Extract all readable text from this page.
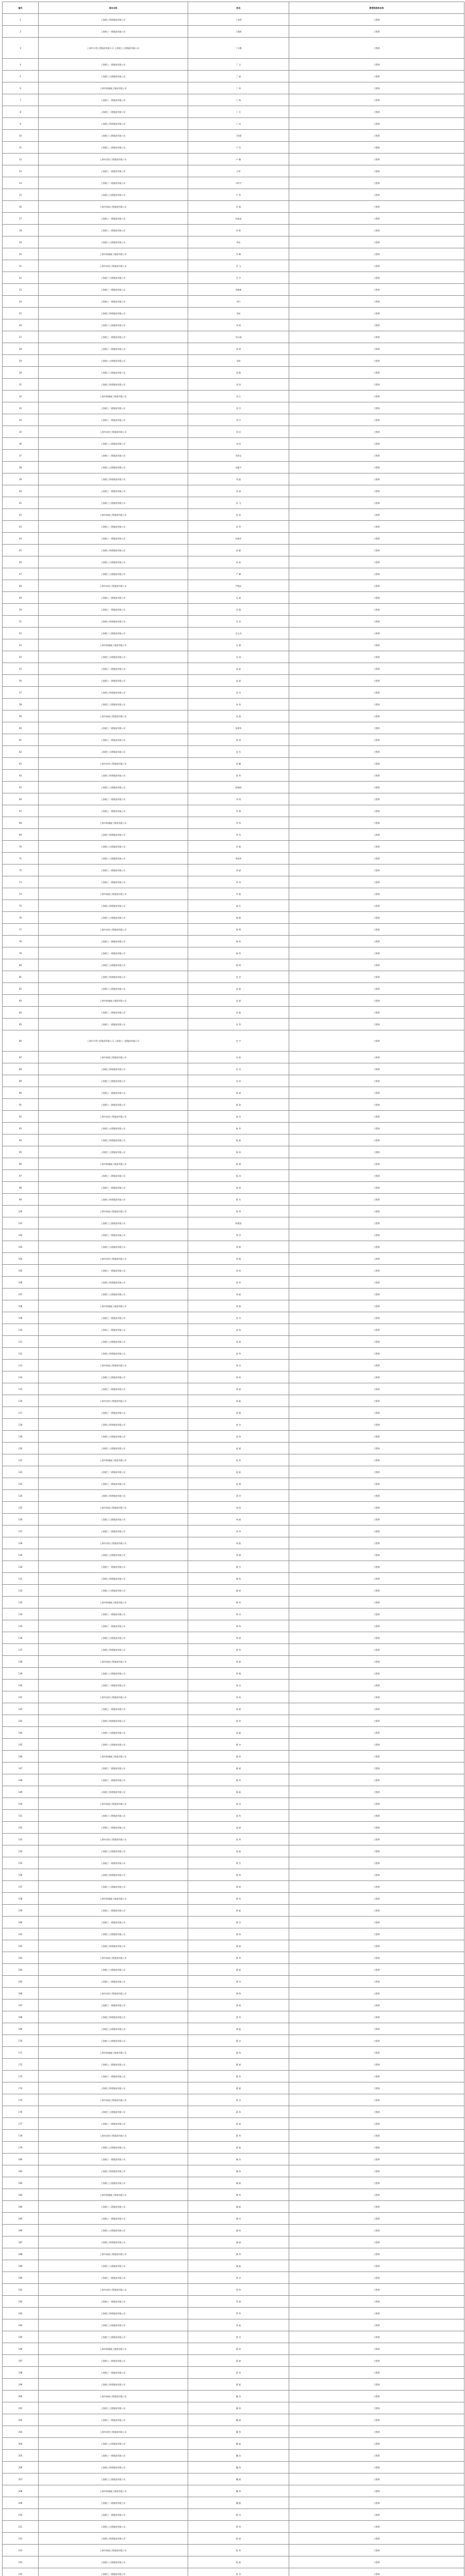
编号	单位名称	姓名	教授级职称名称
1	上海建工四建集团有限公司	丁亚明	工程师
2	上海建工一建集团有限公司	丁俊辉	工程师
3	上海市水利工程集团有限公司 上海建工七建集团有限公司	丁天德	工程师
4	上海建工一建集团有限公司	丁 文	工程师
5	上海建工五建集团有限公司	丁 斌	工程师
6	上海市机械施工集团有限公司	丁 伟	工程师
7	上海建工一建集团有限公司	丁 杨	工程师
8	上海建工二建集团有限公司	丁 艾	工程师
9	上海建工四建集团有限公司	丁 成	工程师
10	上海建工七建集团有限公司	丁秋菊	工程师
11	上海建工二建集团有限公司	卢 军	工程师
12	上海市安装工程集团有限公司	卢 楠	工程师
13	上海建工一建集团有限公司	卢伟	工程师
14	上海建工二建集团有限公司	卢昕宇	工程师
15	上海建工五建集团有限公司	卢 冬	工程师
16	上海市基础工程集团有限公司	任 超	工程师
17	上海建工一建集团有限公司	孙富高	工程师
18	上海建工二建集团有限公司	乔 辉	工程师
19	上海建工七建集团有限公司	齐东	工程师
20	上海市机械施工集团有限公司	乔 峰	工程师
21	上海市安装工程集团有限公司	乔 飞	工程师
22	上海建工七建集团有限公司	乔 宇	工程师
23	上海建工二建集团有限公司	刘建新	工程师
24	上海建工一建集团有限公司	刘兴	工程师
25	上海建工四建集团有限公司	刘泉	工程师
26	上海建工七建集团有限公司	刘 明	工程师
27	上海建工一建集团有限公司	刘小刚	工程师
28	上海建工二建集团有限公司	刘 勇	工程师
29	上海建工五建集团有限公司	刘涛	工程师
30	上海建工七建集团有限公司	刘 枫	工程师
31	上海建工四建集团有限公司	刘 伟	工程师
32	上海市机械施工集团有限公司	刘 兵	工程师
33	上海建工二建集团有限公司	刘 杰	工程师
34	上海建工一建集团有限公司	刘 宇	工程师
35	上海市安装工程集团有限公司	刘 庆	工程师
36	上海建工七建集团有限公司	刘 珂	工程师
37	上海建工二建集团有限公司	刘金宝	工程师
38	上海建工五建集团有限公司	刘惠平	工程师
39	上海建工四建集团有限公司	刘 磊	工程师
40	上海建工一建集团有限公司	刘 斌	工程师
41	上海建工七建集团有限公司	孙 飞	工程师
42	上海市基础工程集团有限公司	孙 雷	工程师
43	上海建工二建集团有限公司	孙 华	工程师
44	上海建工一建集团有限公司	孙建军	工程师
45	上海建工四建集团有限公司	孙 健	工程师
46	上海建工五建集团有限公司	孙 波	工程师
47	上海建工七建集团有限公司	严 峰	工程师
48	上海市安装工程集团有限公司	严晓东	工程师
49	上海建工二建集团有限公司	吴 斌	工程师
50	上海建工一建集团有限公司	吴 俊	工程师
51	上海建工四建集团有限公司	吴 昊	工程师
52	上海建工七建集团有限公司	吴文杰	工程师
53	上海市机械施工集团有限公司	吴 强	工程师
54	上海建工五建集团有限公司	吴 涛	工程师
55	上海建工二建集团有限公司	张 磊	工程师
56	上海建工一建集团有限公司	张 斌	工程师
57	上海建工四建集团有限公司	张 杰	工程师
58	上海建工七建集团有限公司	张 伟	工程师
59	上海市基础工程集团有限公司	张 超	工程师
60	上海建工二建集团有限公司	张建华	工程师
61	上海建工一建集团有限公司	张 勇	工程师
62	上海建工五建集团有限公司	张 军	工程师
63	上海市安装工程集团有限公司	张 鹏	工程师
64	上海建工四建集团有限公司	张 华	工程师
65	上海建工七建集团有限公司	张晓明	工程师
66	上海建工二建集团有限公司	李 明	工程师
67	上海建工一建集团有限公司	李 强	工程师
68	上海市机械施工集团有限公司	李 伟	工程师
69	上海建工四建集团有限公司	李 杰	工程师
70	上海建工五建集团有限公司	李 俊	工程师
71	上海建工七建集团有限公司	李国华	工程师
72	上海建工二建集团有限公司	李 斌	工程师
73	上海建工一建集团有限公司	李 涛	工程师
74	上海市基础工程集团有限公司	李 磊	工程师
75	上海建工四建集团有限公司	杨 军	工程师
76	上海建工七建集团有限公司	杨 帆	工程师
77	上海市安装工程集团有限公司	杨 勇	工程师
78	上海建工二建集团有限公司	杨 伟	工程师
79	上海建工一建集团有限公司	杨 华	工程师
80	上海建工五建集团有限公司	杨 明	工程师
81	上海建工四建集团有限公司	沈 杰	工程师
82	上海建工七建集团有限公司	沈 俊	工程师
83	上海市机械施工集团有限公司	沈 斌	工程师
84	上海建工二建集团有限公司	沈 磊	工程师
85	上海建工一建集团有限公司	沈 华	工程师
86	上海市水利工程集团有限公司 上海建工二建集团有限公司	宋 宇	工程师
87	上海市基础工程集团有限公司	宋 波	工程师
88	上海建工四建集团有限公司	宋 杰	工程师
89	上海建工七建集团有限公司	宋 伟	工程师
90	上海建工一建集团有限公司	陈 斌	工程师
91	上海建工二建集团有限公司	陈 俊	工程师
92	上海市安装工程集团有限公司	陈 杰	工程师
93	上海建工五建集团有限公司	陈 华	工程师
94	上海建工四建集团有限公司	陈 磊	工程师
95	上海建工七建集团有限公司	陈 伟	工程师
96	上海市机械施工集团有限公司	陈 强	工程师
97	上海建工二建集团有限公司	陈 涛	工程师
98	上海建工一建集团有限公司	陈 明	工程师
99	上海建工四建集团有限公司	陈 军	工程师
100	上海市基础工程集团有限公司	陈 勇	工程师
101	上海建工七建集团有限公司	陈建国	工程师
102	上海建工二建集团有限公司	周 杰	工程师
103	上海建工五建集团有限公司	周 斌	工程师
104	上海市安装工程集团有限公司	周 俊	工程师
105	上海建工一建集团有限公司	周 伟	工程师
106	上海建工四建集团有限公司	周 华	工程师
107	上海建工七建集团有限公司	周 磊	工程师
108	上海市机械施工集团有限公司	周 强	工程师
109	上海建工二建集团有限公司	金 杰	工程师
110	上海建工一建集团有限公司	金 伟	工程师
111	上海建工五建集团有限公司	金 斌	工程师
112	上海建工四建集团有限公司	金 华	工程师
113	上海市基础工程集团有限公司	郑 杰	工程师
114	上海建工七建集团有限公司	郑 伟	工程师
115	上海建工二建集团有限公司	郑 斌	工程师
116	上海市安装工程集团有限公司	郑 磊	工程师
117	上海建工一建集团有限公司	郑 强	工程师
118	上海建工四建集团有限公司	赵 杰	工程师
119	上海建工五建集团有限公司	赵 伟	工程师
120	上海建工七建集团有限公司	赵 斌	工程师
121	上海市机械施工集团有限公司	赵 华	工程师
122	上海建工二建集团有限公司	赵 磊	工程师
123	上海建工一建集团有限公司	赵 强	工程师
124	上海建工四建集团有限公司	胡 杰	工程师
125	上海市基础工程集团有限公司	胡 伟	工程师
126	上海建工七建集团有限公司	胡 斌	工程师
127	上海建工二建集团有限公司	胡 华	工程师
128	上海市安装工程集团有限公司	胡 磊	工程师
129	上海建工五建集团有限公司	胡 强	工程师
130	上海建工一建集团有限公司	姚 杰	工程师
131	上海建工四建集团有限公司	姚 伟	工程师
132	上海建工七建集团有限公司	姚 斌	工程师
133	上海市机械施工集团有限公司	姚 华	工程师
134	上海建工二建集团有限公司	徐 杰	工程师
135	上海建工一建集团有限公司	徐 伟	工程师
136	上海建工五建集团有限公司	徐 斌	工程师
137	上海建工四建集团有限公司	徐 华	工程师
138	上海市基础工程集团有限公司	徐 磊	工程师
139	上海建工七建集团有限公司	徐 强	工程师
140	上海建工二建集团有限公司	钱 杰	工程师
141	上海市安装工程集团有限公司	钱 伟	工程师
142	上海建工一建集团有限公司	钱 斌	工程师
143	上海建工四建集团有限公司	钱 华	工程师
144	上海建工五建集团有限公司	钱 磊	工程师
145	上海建工七建集团有限公司	顾 杰	工程师
146	上海市机械施工集团有限公司	顾 伟	工程师
147	上海建工二建集团有限公司	顾 斌	工程师
148	上海建工一建集团有限公司	顾 华	工程师
149	上海建工四建集团有限公司	顾 磊	工程师
150	上海市基础工程集团有限公司	高 杰	工程师
151	上海建工七建集团有限公司	高 伟	工程师
152	上海建工二建集团有限公司	高 斌	工程师
153	上海市安装工程集团有限公司	高 华	工程师
154	上海建工五建集团有限公司	高 磊	工程师
155	上海建工一建集团有限公司	黄 杰	工程师
156	上海建工四建集团有限公司	黄 伟	工程师
157	上海建工七建集团有限公司	黄 斌	工程师
158	上海市机械施工集团有限公司	黄 华	工程师
159	上海建工二建集团有限公司	黄 磊	工程师
160	上海建工一建集团有限公司	曹 杰	工程师
161	上海建工五建集团有限公司	曹 伟	工程师
162	上海建工四建集团有限公司	曹 斌	工程师
163	上海市基础工程集团有限公司	曹 华	工程师
164	上海建工七建集团有限公司	曹 磊	工程师
165	上海建工二建集团有限公司	龚 杰	工程师
166	上海市安装工程集团有限公司	龚 伟	工程师
167	上海建工一建集团有限公司	龚 斌	工程师
168	上海建工四建集团有限公司	龚 华	工程师
169	上海建工五建集团有限公司	龚 磊	工程师
170	上海建工七建集团有限公司	董 杰	工程师
171	上海市机械施工集团有限公司	董 伟	工程师
172	上海建工二建集团有限公司	董 斌	工程师
173	上海建工一建集团有限公司	董 华	工程师
174	上海建工四建集团有限公司	董 磊	工程师
175	上海市基础工程集团有限公司	蒋 杰	工程师
176	上海建工七建集团有限公司	蒋 伟	工程师
177	上海建工二建集团有限公司	蒋 斌	工程师
178	上海市安装工程集团有限公司	蒋 华	工程师
179	上海建工五建集团有限公司	蒋 磊	工程师
180	上海建工一建集团有限公司	谢 杰	工程师
181	上海建工四建集团有限公司	谢 伟	工程师
182	上海建工七建集团有限公司	谢 斌	工程师
183	上海市机械施工集团有限公司	谢 华	工程师
184	上海建工二建集团有限公司	谢 磊	工程师
185	上海建工一建集团有限公司	潘 杰	工程师
186	上海建工五建集团有限公司	潘 伟	工程师
187	上海建工四建集团有限公司	潘 斌	工程师
188	上海市基础工程集团有限公司	潘 华	工程师
189	上海建工七建集团有限公司	潘 磊	工程师
190	上海建工二建集团有限公司	蔡 杰	工程师
191	上海市安装工程集团有限公司	蔡 伟	工程师
192	上海建工一建集团有限公司	蔡 斌	工程师
193	上海建工四建集团有限公司	蔡 华	工程师
194	上海建工五建集团有限公司	蔡 磊	工程师
195	上海建工七建集团有限公司	薛 杰	工程师
196	上海市机械施工集团有限公司	薛 伟	工程师
197	上海建工二建集团有限公司	薛 斌	工程师
198	上海建工一建集团有限公司	薛 华	工程师
199	上海建工四建集团有限公司	薛 磊	工程师
200	上海市基础工程集团有限公司	戴 杰	工程师
201	上海建工七建集团有限公司	戴 伟	工程师
202	上海建工二建集团有限公司	戴 斌	工程师
203	上海市安装工程集团有限公司	戴 华	工程师
204	上海建工五建集团有限公司	戴 磊	工程师
205	上海建工一建集团有限公司	魏 杰	工程师
206	上海建工四建集团有限公司	魏 伟	工程师
207	上海建工七建集团有限公司	魏 斌	工程师
208	上海市机械施工集团有限公司	魏 华	工程师
209	上海建工二建集团有限公司	魏 磊	工程师
210	上海建工一建集团有限公司	程 杰	工程师
211	上海建工五建集团有限公司	程 伟	工程师
212	上海建工四建集团有限公司	程 斌	工程师
213	上海市基础工程集团有限公司	程 华	工程师
214	上海建工七建集团有限公司	程 磊	工程师
215	上海建工二建集团有限公司	彭 杰	工程师
